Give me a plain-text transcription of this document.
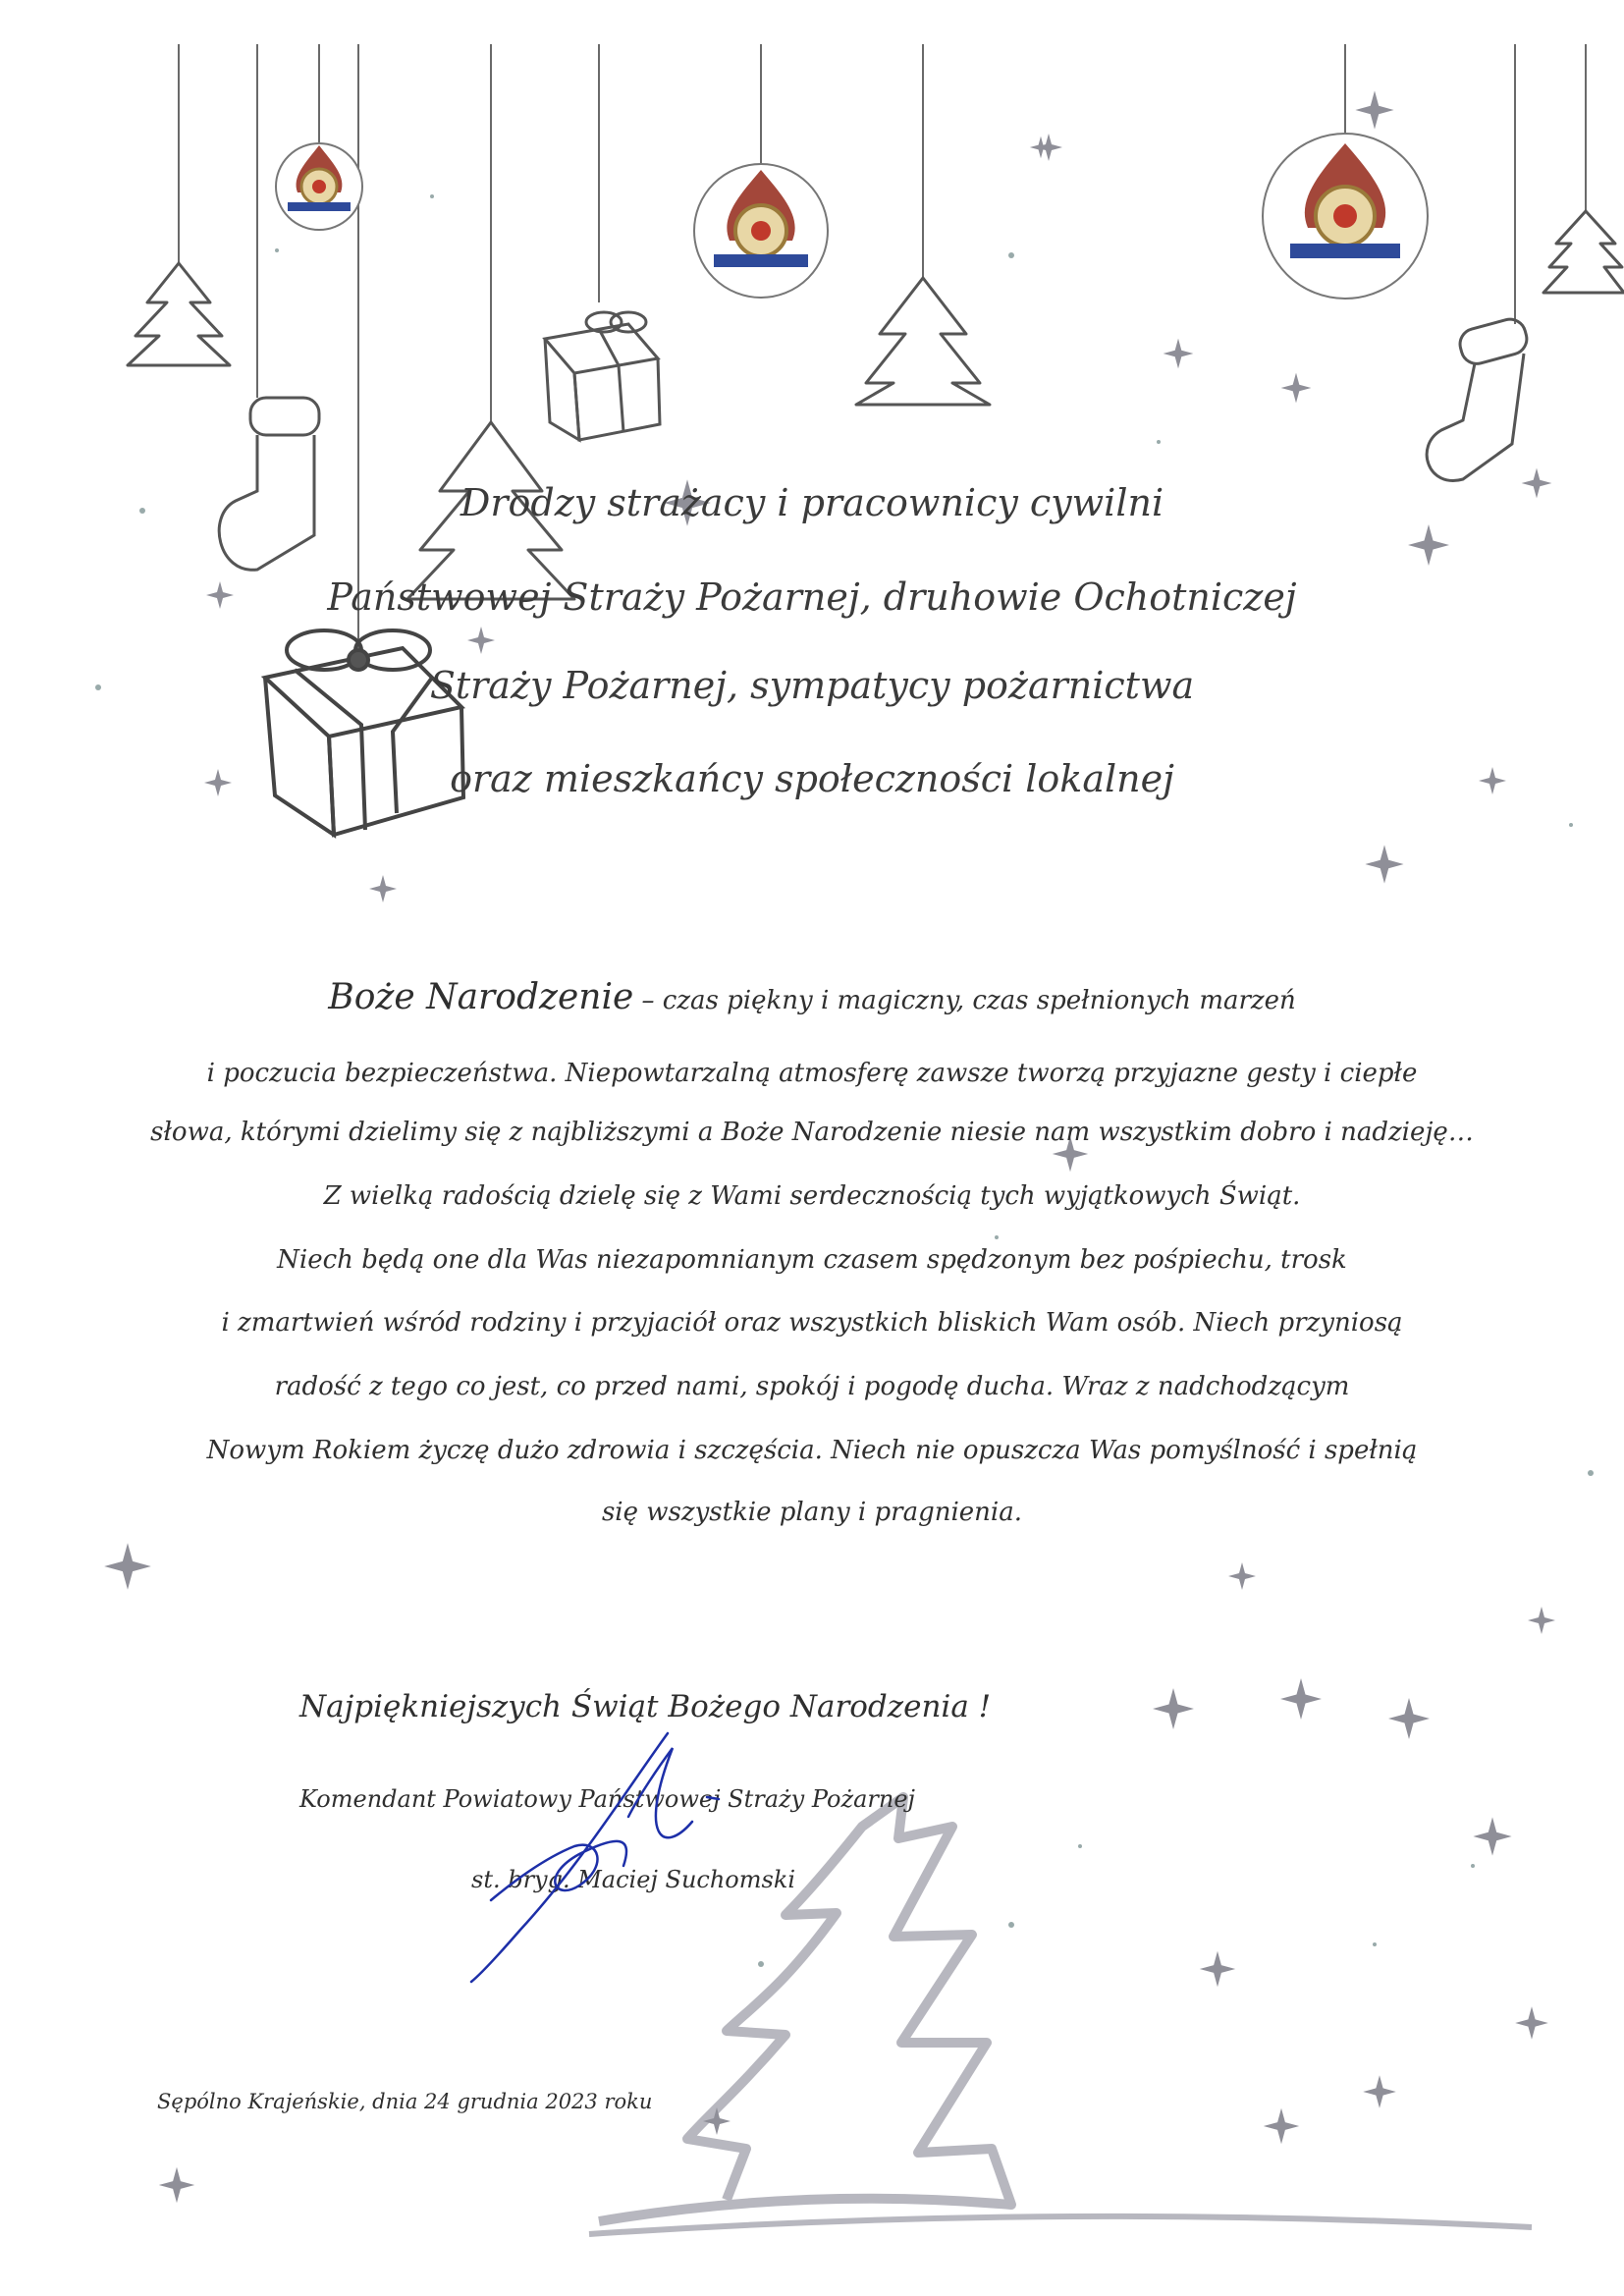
Drodzy strażacy i pracownicy cywilni
Państwowej Straży Pożarnej, druhowie Ochotniczej
Straży Pożarnej, sympatycy pożarnictwa
oraz mieszkańcy społeczności lokalnej
Boże Narodzenie – czas piękny i magiczny, czas spełnionych marzeń
i poczucia bezpieczeństwa. Niepowtarzalną atmosferę zawsze tworzą przyjazne gesty i ciepłe
słowa, którymi dzielimy się z najbliższymi a Boże Narodzenie niesie nam wszystkim dobro i nadzieję…
Z wielką radością dzielę się z Wami serdecznością tych wyjątkowych Świąt.
Niech będą one dla Was niezapomnianym czasem spędzonym bez pośpiechu, trosk
i zmartwień wśród rodziny i przyjaciół oraz wszystkich bliskich Wam osób. Niech przyniosą
radość z tego co jest, co przed nami, spokój i pogodę ducha. Wraz z nadchodzącym
Nowym Rokiem życzę dużo zdrowia i szczęścia. Niech nie opuszcza Was pomyślność i spełnią
się wszystkie plany i pragnienia.
Najpiękniejszych Świąt Bożego Narodzenia !
Komendant Powiatowy Państwowej Straży Pożarnej
st. bryg. Maciej Suchomski
Sępólno Krajeńskie, dnia 24 grudnia 2023 roku
